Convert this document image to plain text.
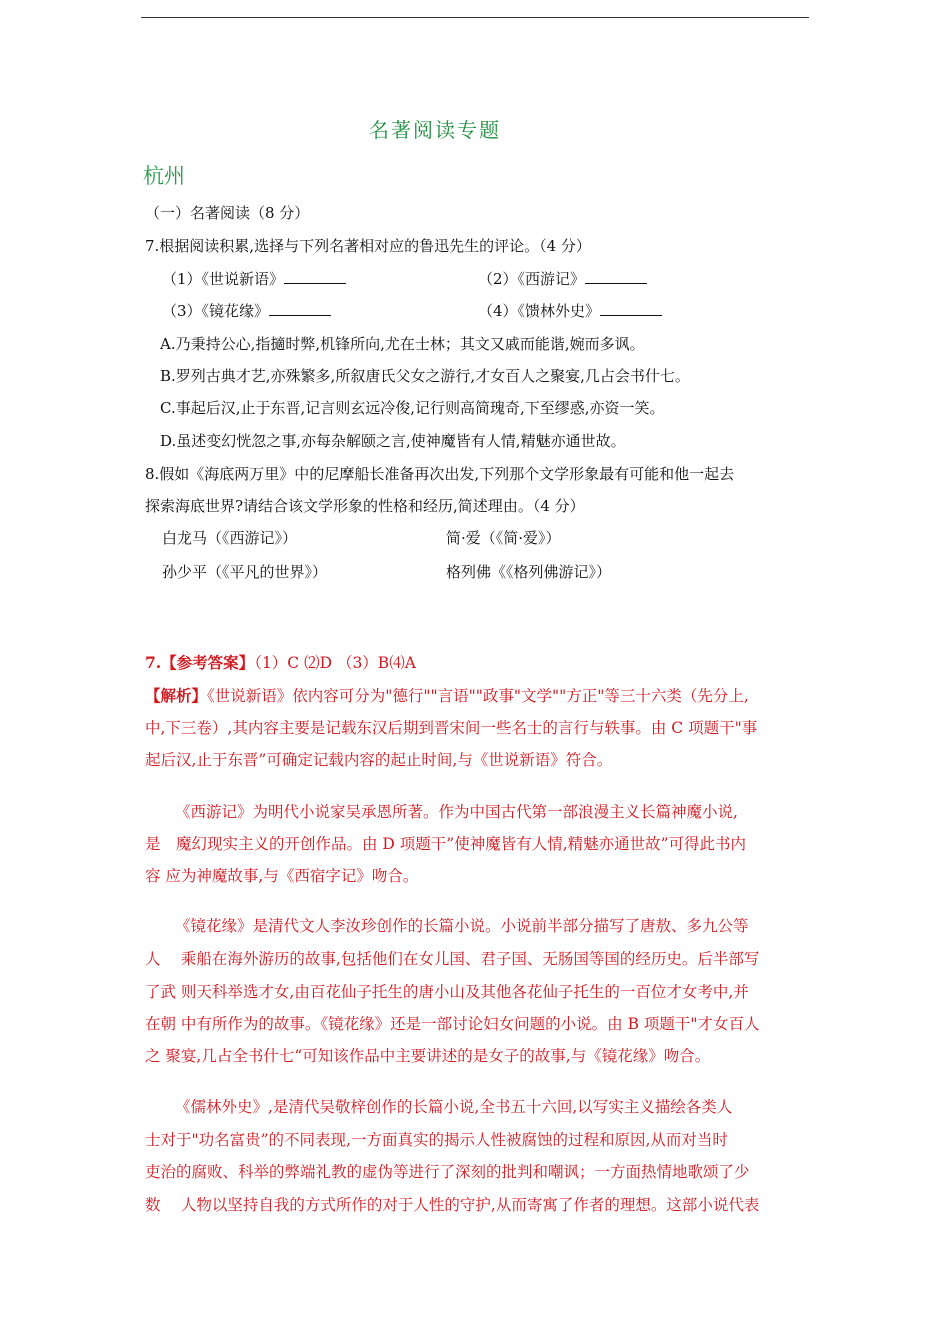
名著阅读专题
杭州
（一）名著阅读（8 分）
7.根据阅读积累,选择与下列名著相对应的鲁迅先生的评论。（4 分）
（1）《世说新语》	（2）《西游记》
（3）《镜花缘》	（4）《馈林外史》
A.乃秉持公心,指擿时弊,机锋所向,尤在士林；其文又戚而能谐,婉而多讽。
B.罗列古典才艺,亦殊繁多,所叙唐氏父女之游行,才女百人之聚宴,几占会书什七。
C.事起后汉,止于东晋,记言则玄远冷俊,记行则高简瑰奇,下至缪惑,亦资一笑。
D.虽述变幻恍忽之事,亦每杂解颐之言,使神魔皆有人情,精魅亦通世故。
8.假如《海底两万里》中的尼摩船长准备再次出发,下列那个文学形象最有可能和他一起去
探索海底世界?请结合该文学形象的性格和经历,简述理由。（4 分）
白龙马（《西游记》）	简·爱（《简·爱》）
孙少平（《平凡的世界》）	格列佛《《格列佛游记》）
7.【参考答案】（1）C ⑵D （3）B⑷A
【解析】《世说新语》依内容可分为"德行""言语""政事"文学""方正"等三十六类（先分上,
中,下三卷）,其内容主要是记载东汉后期到晋宋间一些名士的言行与轶事。由 C 项题干"事
起后汉,止于东晋”可确定记载内容的起止时间,与《世说新语》符合。
《西游记》为明代小说家吴承恩所著。作为中国古代第一部浪漫主义长篇神魔小说,
是　魔幻现实主义的开创作品。由 D 项题干”使神魔皆有人情,精魅亦通世故”可得此书内
容 应为神魔故事,与《西宿字记》吻合。
《镜花缘》是清代文人李汝珍创作的长篇小说。小说前半部分描写了唐敖、多九公等
人　 乘船在海外游历的故事,包括他们在女儿国、君子国、无肠国等国的经历史。后半部写
了武 则天科举选才女,由百花仙子托生的唐小山及其他各花仙子托生的一百位才女考中,并
在朝 中有所作为的故事。《镜花缘》还是一部讨论妇女问题的小说。由 B 项题干"才女百人
之 聚宴,几占全书什七“可知该作品中主要讲述的是女子的故事,与《镜花缘》吻合。
《儒林外史》,是清代吴敬梓创作的长篇小说,全书五十六回,以写实主义描绘各类人
士对于"功名富贵”的不同表现,一方面真实的揭示人性被腐蚀的过程和原因,从而对当时
吏治的腐败、科举的弊端礼教的虚伪等进行了深刻的批判和嘲讽；一方面热情地歌颂了少
数　 人物以坚持自我的方式所作的对于人性的守护,从而寄寓了作者的理想。这部小说代表
